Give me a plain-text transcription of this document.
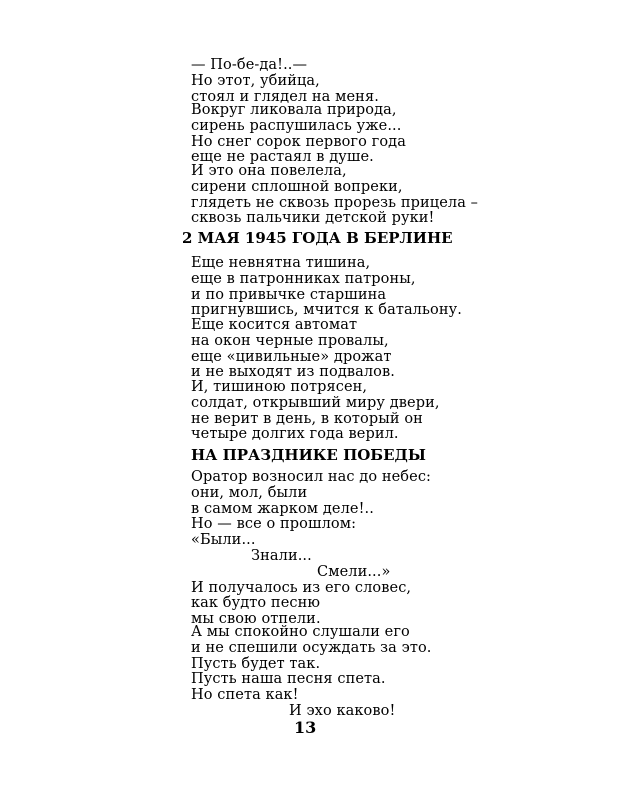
— По-бе-да!..—
Но этот, убийца,
стоял и глядел на меня.
Вокруг ликовала природа,
сирень распушилась уже...
Но снег сорок первого года
еще не растаял в душе.
И это она повелела,
сирени сплошной вопреки,
глядеть не сквозь прорезь прицела –
сквозь пальчики детской руки!
2 МАЯ 1945 ГОДА В БЕРЛИНЕ
Еще невнятна тишина,
еще в патронниках патроны,
и по привычке старшина
пригнувшись, мчится к батальону.
Еще косится автомат
на окон черные провалы,
еще «цивильные» дрожат
и не выходят из подвалов.
И, тишиною потрясен,
солдат, открывший миру двери,
не верит в день, в который он
четыре долгих года верил.
НА ПРАЗДНИКЕ ПОБЕДЫ
Оратор возносил нас до небес:
они, мол, были
в самом жарком деле!..
Но — все о прошлом:
«Были...
Знали...
Смели...»
И получалось из его словес,
как будто песню
мы свою отпели.
А мы спокойно слушали его
и не спешили осуждать за это.
Пусть будет так.
Пусть наша песня спета.
Но спета как!
И эхо каково!
13
